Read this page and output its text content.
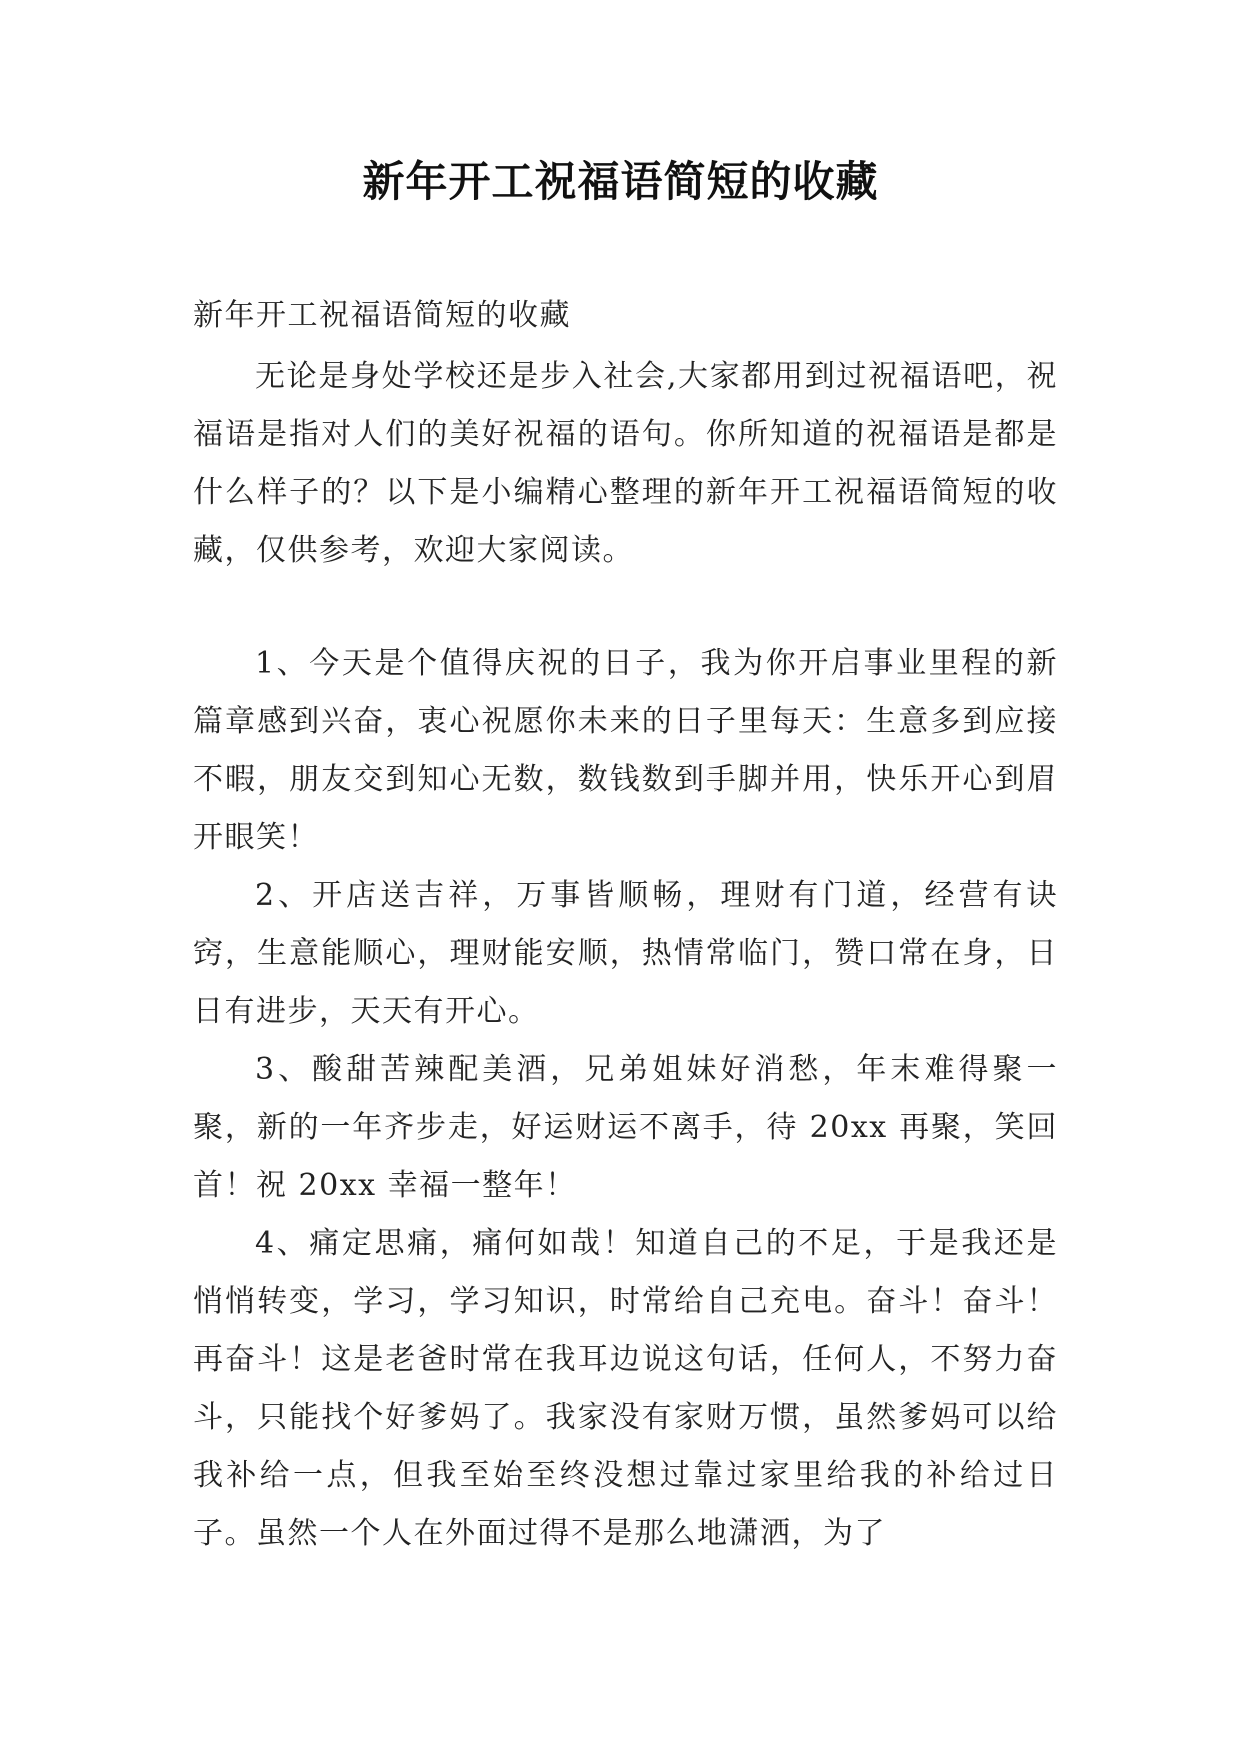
新年开工祝福语简短的收藏
新年开工祝福语简短的收藏
无论是身处学校还是步入社会,大家都用到过祝福语吧，祝福语是指对人们的美好祝福的语句。你所知道的祝福语是都是什么样子的？以下是小编精心整理的新年开工祝福语简短的收藏，仅供参考，欢迎大家阅读。

1、今天是个值得庆祝的日子，我为你开启事业里程的新篇章感到兴奋，衷心祝愿你未来的日子里每天：生意多到应接不暇，朋友交到知心无数，数钱数到手脚并用，快乐开心到眉开眼笑！

2、开店送吉祥，万事皆顺畅，理财有门道，经营有诀窍，生意能顺心，理财能安顺，热情常临门，赞口常在身，日日有进步，天天有开心。

3、酸甜苦辣配美酒，兄弟姐妹好消愁，年末难得聚一聚，新的一年齐步走，好运财运不离手，待 20xx 再聚，笑回首！祝 20xx 幸福一整年！

4、痛定思痛，痛何如哉！知道自己的不足，于是我还是悄悄转变，学习，学习知识，时常给自己充电。奋斗！奋斗！再奋斗！这是老爸时常在我耳边说这句话，任何人，不努力奋斗，只能找个好爹妈了。我家没有家财万惯，虽然爹妈可以给我补给一点，但我至始至终没想过靠过家里给我的补给过日子。虽然一个人在外面过得不是那么地潇洒，为了
